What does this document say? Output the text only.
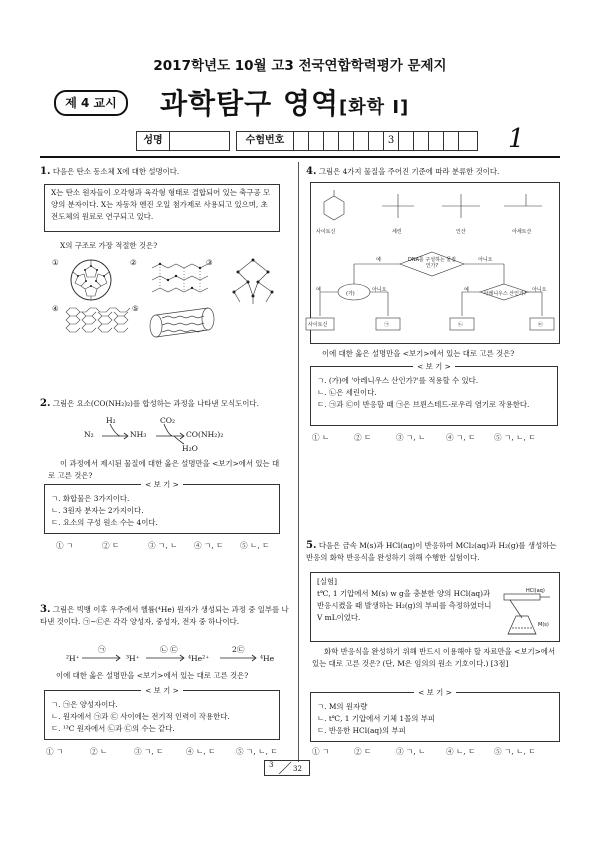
2017학년도 10월 고3 전국연합학력평가 문제지
제 4 교시	과학탐구 영역[화학 Ⅰ]
성명	수험번호	3	1
1. 다음은 탄소 동소체 X에 대한 설명이다.
X는 탄소 원자들이 오각형과 육각형 형태로 결합되어 있는 축구공 모양의 분자이다. X는 자동차 엔진 오일 첨가제로 사용되고 있으며, 초전도체의 원료로 연구되고 있다.
X의 구조로 가장 적절한 것은?
①	②	③
④	⑤
2. 그림은 요소(CO(NH₂)₂)를 합성하는 과정을 나타낸 모식도이다.
N₂
H₂
NH₃
CO₂
CO(NH₂)₂
H₂O
이 과정에서 제시된 물질에 대한 옳은 설명만을 <보기>에서 있는 대로 고른 것은?
< 보 기 >
ㄱ. 화합물은 3가지이다.
ㄴ. 3원자 분자는 2가지이다.
ㄷ. 요소의 구성 원소 수는 4이다.
① ㄱ	② ㄷ	③ ㄱ, ㄴ ④ ㄱ, ㄷ ⑤ ㄴ, ㄷ
3. 그림은 빅뱅 이후 우주에서 헬륨(⁴He) 원자가 생성되는 과정 중 일부를 나타낸 것이다. ㉠~㉢은 각각 양성자, 중성자, 전자 중 하나이다.
㉠	㉡ ㉢	2㉢
²H⁺	³H⁺	⁴He²⁺	⁴He
이에 대한 옳은 설명만을 <보기>에서 있는 대로 고른 것은?
< 보 기 >
ㄱ. ㉠은 양성자이다.
ㄴ. 원자에서 ㉠과 ㉢ 사이에는 전기적 인력이 작용한다.
ㄷ. ¹³C 원자에서 ㉡과 ㉢의 수는 같다.
① ㄱ	② ㄴ	③ ㄱ, ㄷ	④ ㄴ, ㄷ	⑤ ㄱ, ㄴ, ㄷ
4. 그림은 4가지 물질을 주어진 기준에 따라 분류한 것이다.
사이토신	세린	인산	아세트산
DNA를 구성하는 물질인가?
예	아니오
(가)	아레니우스 산인가?
예	아니오	예	아니오
사이토신	㉠	㉡	㉢
이에 대한 옳은 설명만을 <보기>에서 있는 대로 고른 것은?
< 보 기 >
ㄱ. (가)에 '아레니우스 산인가?'를 적용할 수 있다.
ㄴ. ㉡은 세린이다.
ㄷ. ㉠과 ㉢이 반응할 때 ㉠은 브뢴스테드-로우리 염기로 작용한다.
① ㄴ	② ㄷ	③ ㄱ, ㄴ	④ ㄱ, ㄷ ⑤ ㄱ, ㄴ, ㄷ
5. 다음은 금속 M(s)과 HCl(aq)이 반응하여 MCl₂(aq)과 H₂(g)를 생성하는 반응의 화학 반응식을 완성하기 위해 수행한 실험이다.
[실험]
t℃, 1 기압에서 M(s) w g을 충분한 양의 HCl(aq)과 반응시켰을 때 발생하는 H₂(g)의 부피를 측정하였더니 V mL이었다.
HCl(aq)
M(s)
화학 반응식을 완성하기 위해 반드시 이용해야 할 자료만을 <보기>에서 있는 대로 고른 것은? (단, M은 임의의 원소 기호이다.) [3점]
< 보 기 >
ㄱ. M의 원자량
ㄴ. t℃, 1 기압에서 기체 1몰의 부피
ㄷ. 반응한 HCl(aq)의 부피
① ㄱ	② ㄷ	③ ㄱ, ㄴ	④ ㄴ, ㄷ ⑤ ㄱ, ㄴ, ㄷ
3	32
